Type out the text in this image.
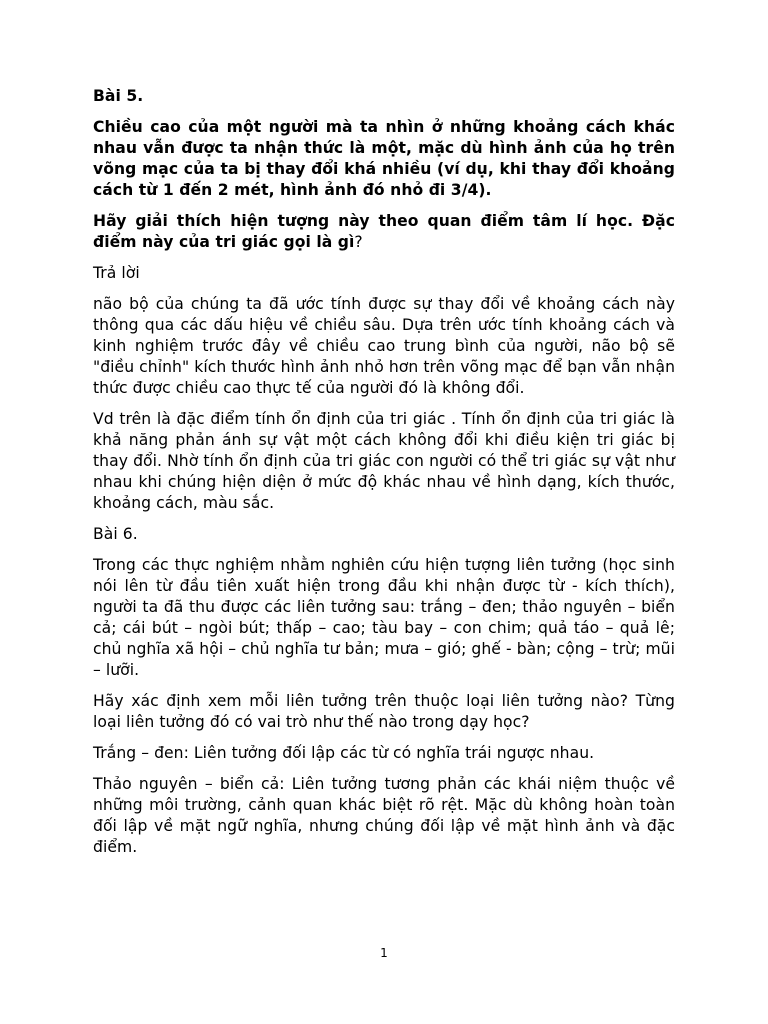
Bài 5.

Chiều cao của một người mà ta nhìn ở những khoảng cách khác nhau vẫn được ta nhận thức là một, mặc dù hình ảnh của họ trên võng mạc của ta bị thay đổi khá nhiều (ví dụ, khi thay đổi khoảng cách từ 1 đến 2 mét, hình ảnh đó nhỏ đi 3/4).

Hãy giải thích hiện tượng này theo quan điểm tâm lí học. Đặc điểm này của tri giác gọi là gì?

Trả lời

não bộ của chúng ta đã ước tính được sự thay đổi về khoảng cách này thông qua các dấu hiệu về chiều sâu. Dựa trên ước tính khoảng cách và kinh nghiệm trước đây về chiều cao trung bình của người, não bộ sẽ "điều chỉnh" kích thước hình ảnh nhỏ hơn trên võng mạc để bạn vẫn nhận thức được chiều cao thực tế của người đó là không đổi.

Vd trên là đặc điểm tính ổn định của tri giác . Tính ổn định của tri giác là khả năng phản ánh sự vật một cách không đổi khi điều kiện tri giác bị thay đổi. Nhờ tính ổn định của tri giác con người có thể tri giác sự vật như nhau khi chúng hiện diện ở mức độ khác nhau về hình dạng, kích thước, khoảng cách, màu sắc.

Bài 6.

Trong các thực nghiệm nhằm nghiên cứu hiện tượng liên tưởng (học sinh nói lên từ đầu tiên xuất hiện trong đầu khi nhận được từ - kích thích), người ta đã thu được các liên tưởng sau: trắng – đen; thảo nguyên – biển cả; cái bút – ngòi bút; thấp – cao; tàu bay – con chim; quả táo – quả lê; chủ nghĩa xã hội – chủ nghĩa tư bản; mưa – gió; ghế - bàn; cộng – trừ; mũi – lưỡi.

Hãy xác định xem mỗi liên tưởng trên thuộc loại liên tưởng nào? Từng loại liên tưởng đó có vai trò như thế nào trong dạy học?

Trắng – đen: Liên tưởng đối lập các từ có nghĩa trái ngược nhau.

Thảo nguyên – biển cả: Liên tưởng tương phản các khái niệm thuộc về những môi trường, cảnh quan khác biệt rõ rệt. Mặc dù không hoàn toàn đối lập về mặt ngữ nghĩa, nhưng chúng đối lập về mặt hình ảnh và đặc điểm.

1
